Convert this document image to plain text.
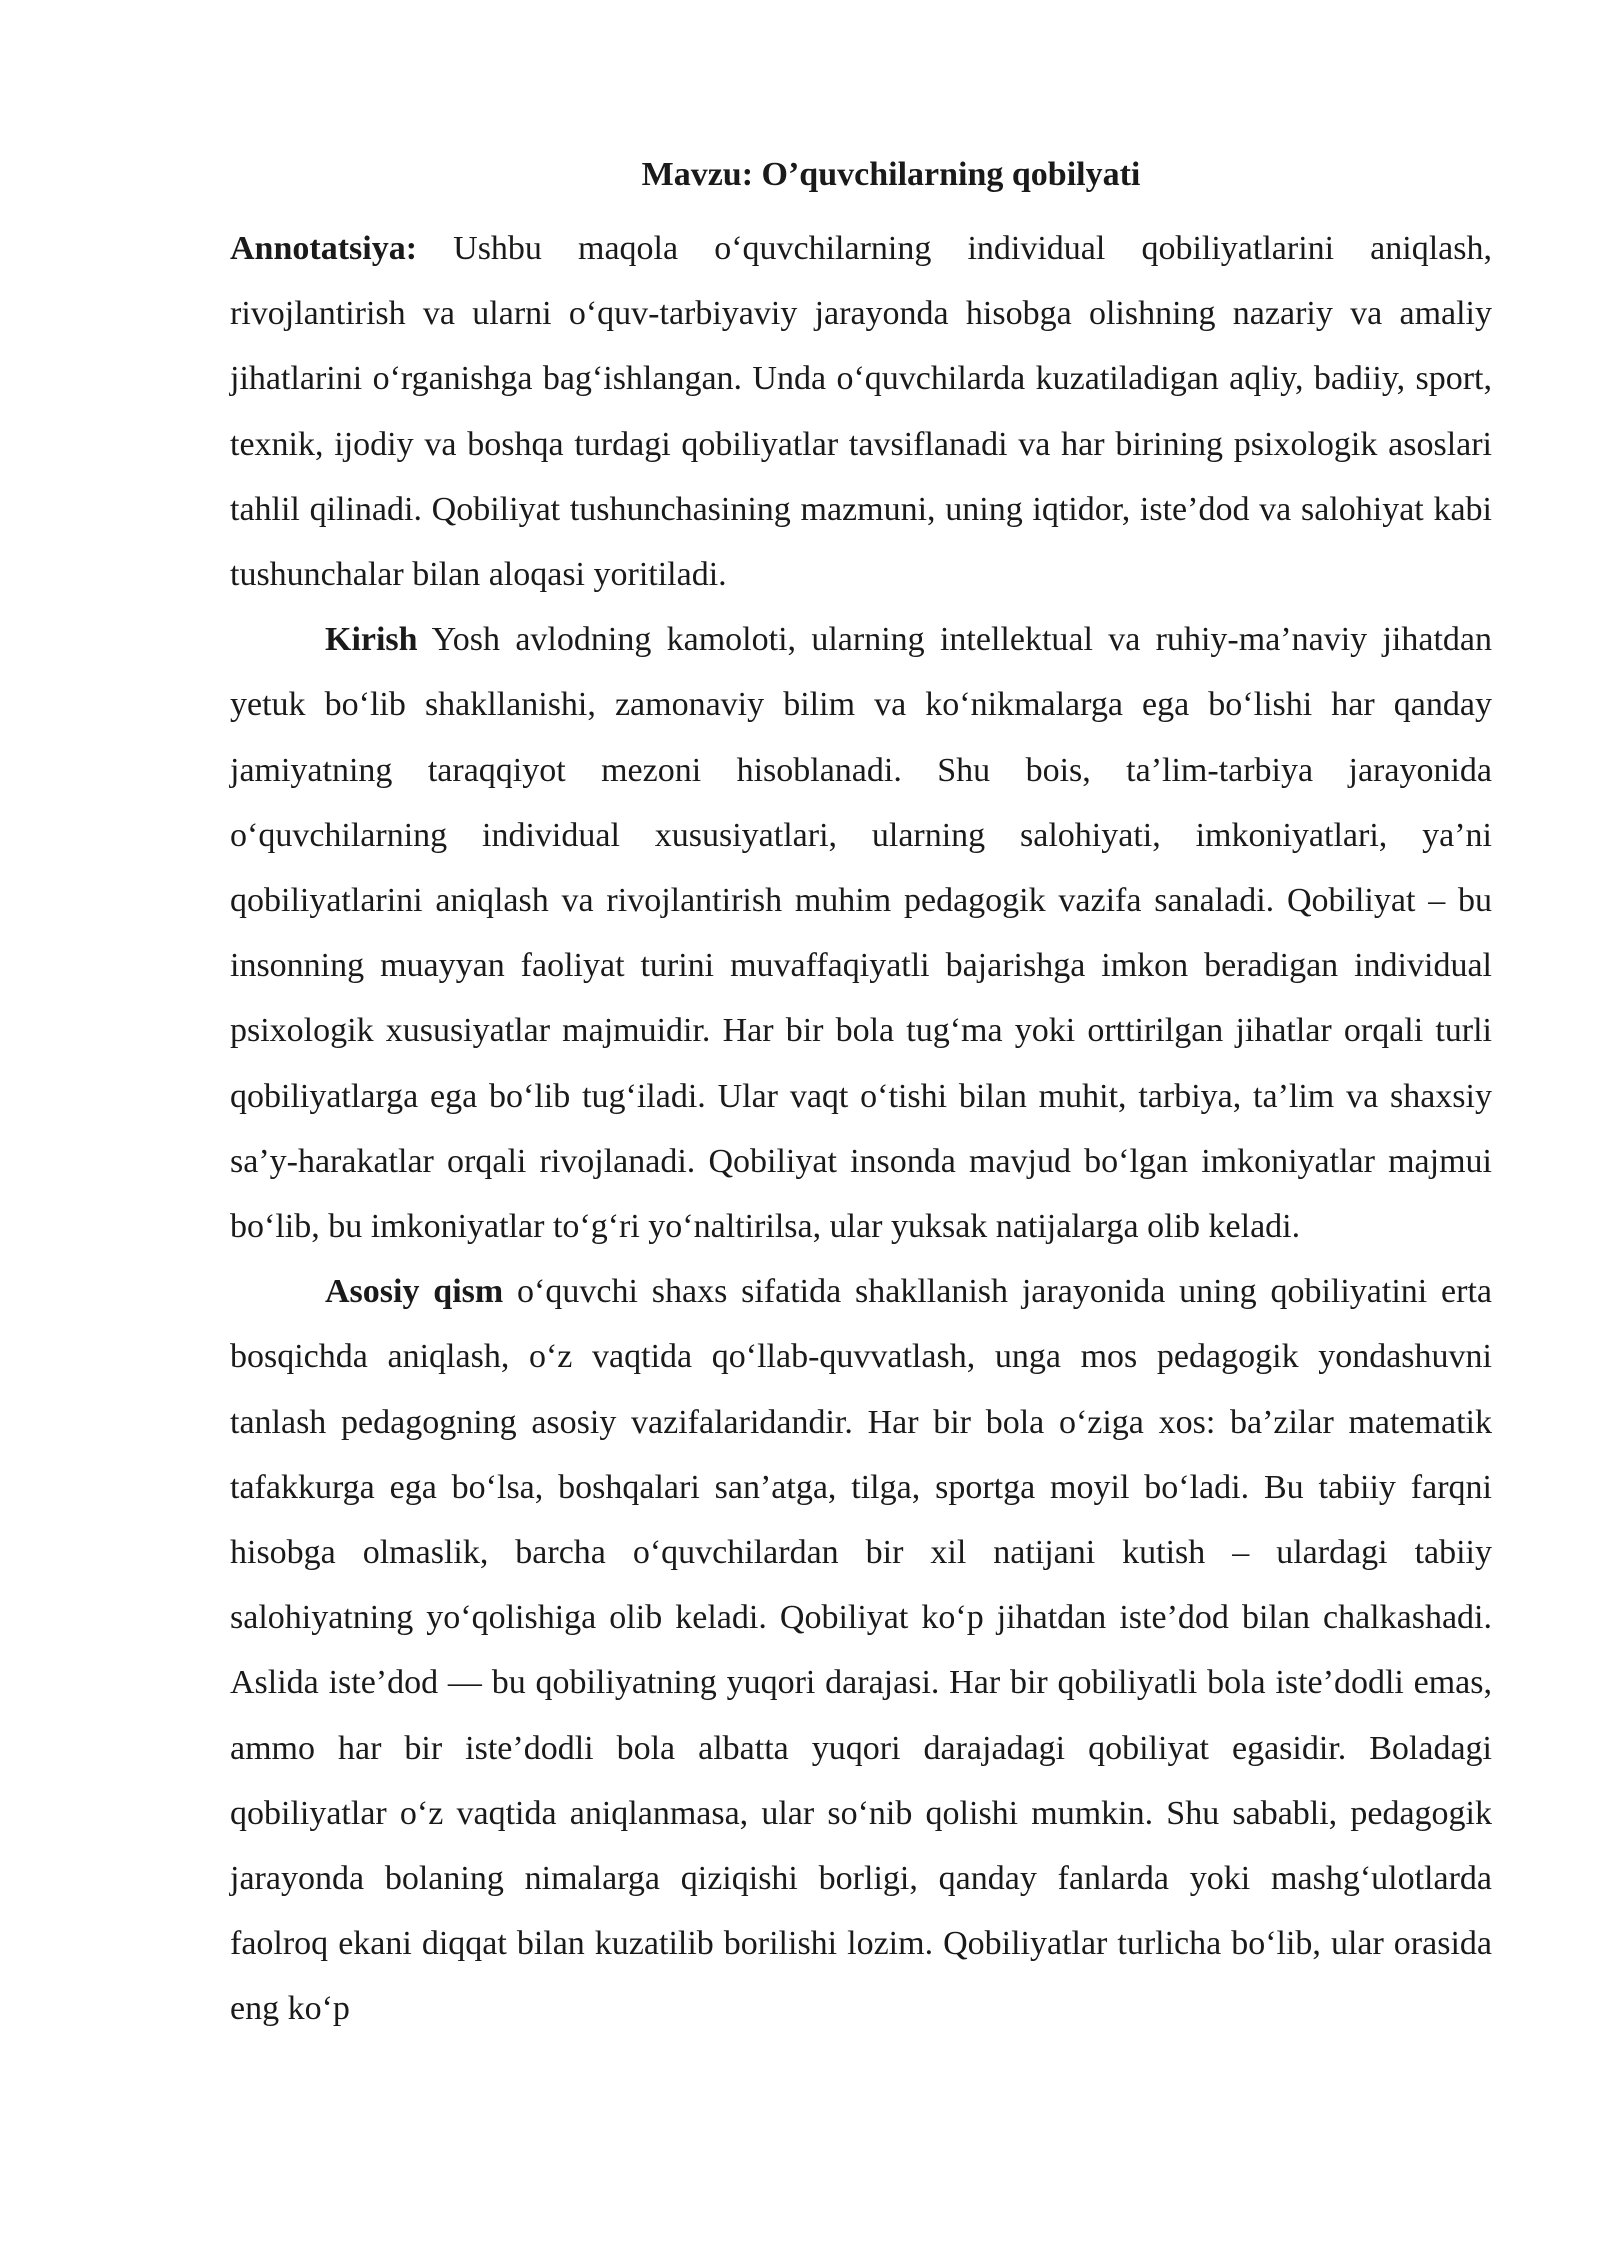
Mavzu: O’quvchilarning qobilyati

Annotatsiya: Ushbu maqola o‘quvchilarning individual qobiliyatlarini aniqlash, rivojlantirish va ularni o‘quv-tarbiyaviy jarayonda hisobga olishning nazariy va amaliy jihatlarini o‘rganishga bag‘ishlangan. Unda o‘quvchilarda kuzatiladigan aqliy, badiiy, sport, texnik, ijodiy va boshqa turdagi qobiliyatlar tavsiflanadi va har birining psixologik asoslari tahlil qilinadi. Qobiliyat tushunchasining mazmuni, uning iqtidor, iste’dod va salohiyat kabi tushunchalar bilan aloqasi yoritiladi.

Kirish Yosh avlodning kamoloti, ularning intellektual va ruhiy-ma’naviy jihatdan yetuk bo‘lib shakllanishi, zamonaviy bilim va ko‘nikmalarga ega bo‘lishi har qanday jamiyatning taraqqiyot mezoni hisoblanadi. Shu bois, ta’lim-tarbiya jarayonida o‘quvchilarning individual xususiyatlari, ularning salohiyati, imkoniyatlari, ya’ni qobiliyatlarini aniqlash va rivojlantirish muhim pedagogik vazifa sanaladi. Qobiliyat – bu insonning muayyan faoliyat turini muvaffaqiyatli bajarishga imkon beradigan individual psixologik xususiyatlar majmuidir. Har bir bola tug‘ma yoki orttirilgan jihatlar orqali turli qobiliyatlarga ega bo‘lib tug‘iladi. Ular vaqt o‘tishi bilan muhit, tarbiya, ta’lim va shaxsiy sa’y-harakatlar orqali rivojlanadi. Qobiliyat insonda mavjud bo‘lgan imkoniyatlar majmui bo‘lib, bu imkoniyatlar to‘g‘ri yo‘naltirilsa, ular yuksak natijalarga olib keladi.

Asosiy qism o‘quvchi shaxs sifatida shakllanish jarayonida uning qobiliyatini erta bosqichda aniqlash, o‘z vaqtida qo‘llab-quvvatlash, unga mos pedagogik yondashuvni tanlash pedagogning asosiy vazifalaridandir. Har bir bola o‘ziga xos: ba’zilar matematik tafakkurga ega bo‘lsa, boshqalari san’atga, tilga, sportga moyil bo‘ladi. Bu tabiiy farqni hisobga olmaslik, barcha o‘quvchilardan bir xil natijani kutish – ulardagi tabiiy salohiyatning yo‘qolishiga olib keladi. Qobiliyat ko‘p jihatdan iste’dod bilan chalkashadi. Aslida iste’dod — bu qobiliyatning yuqori darajasi. Har bir qobiliyatli bola iste’dodli emas, ammo har bir iste’dodli bola albatta yuqori darajadagi qobiliyat egasidir. Boladagi qobiliyatlar o‘z vaqtida aniqlanmasa, ular so‘nib qolishi mumkin. Shu sababli, pedagogik jarayonda bolaning nimalarga qiziqishi borligi, qanday fanlarda yoki mashg‘ulotlarda faolroq ekani diqqat bilan kuzatilib borilishi lozim. Qobiliyatlar turlicha bo‘lib, ular orasida eng ko‘p
